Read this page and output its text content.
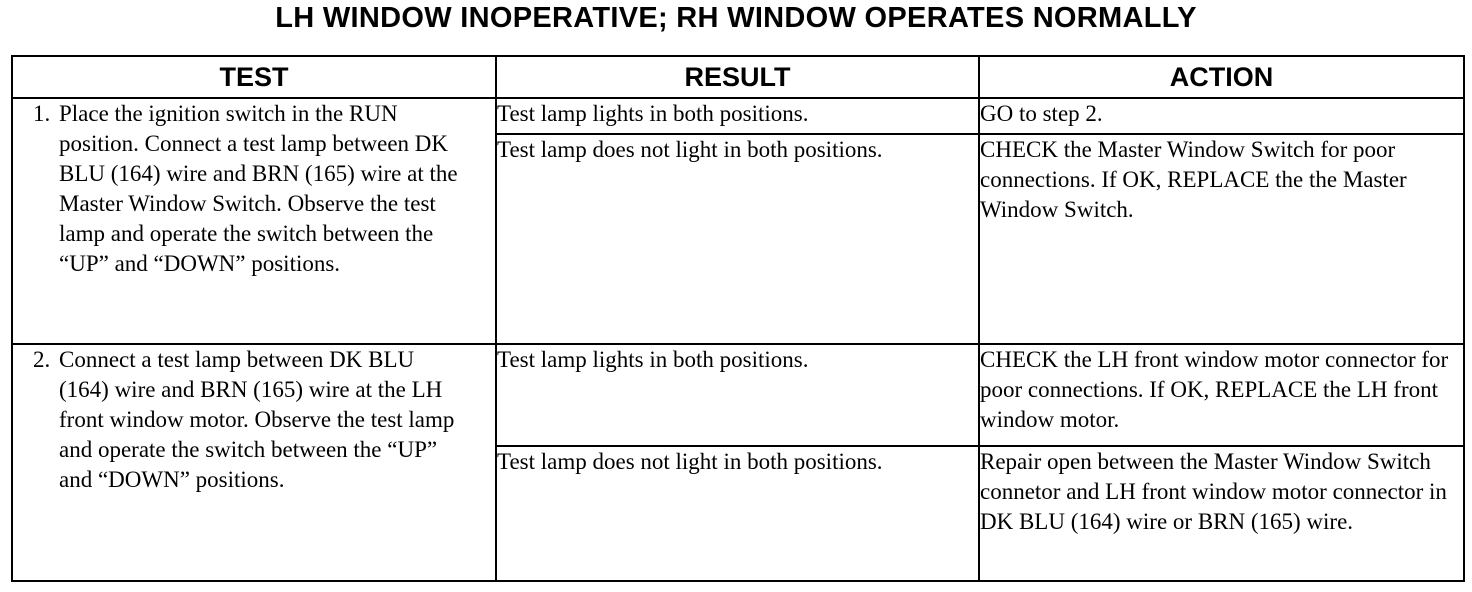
LH WINDOW INOPERATIVE; RH WINDOW OPERATES NORMALLY
TEST	RESULT	ACTION
1. Place the ignition switch in the RUN position. Connect a test lamp between DK BLU (164) wire and BRN (165) wire at the Master Window Switch. Observe the test lamp and operate the switch between the “UP” and “DOWN” positions.	Test lamp lights in both positions.	GO to step 2.
	Test lamp does not light in both positions.	CHECK the Master Window Switch for poor connections. If OK, REPLACE the the Master Window Switch.
2. Connect a test lamp between DK BLU (164) wire and BRN (165) wire at the LH front window motor. Observe the test lamp and operate the switch between the “UP” and “DOWN” positions.	Test lamp lights in both positions.	CHECK the LH front window motor connector for poor connections. If OK, REPLACE the LH front window motor.
	Test lamp does not light in both positions.	Repair open between the Master Window Switch connetor and LH front window motor connector in DK BLU (164) wire or BRN (165) wire.
